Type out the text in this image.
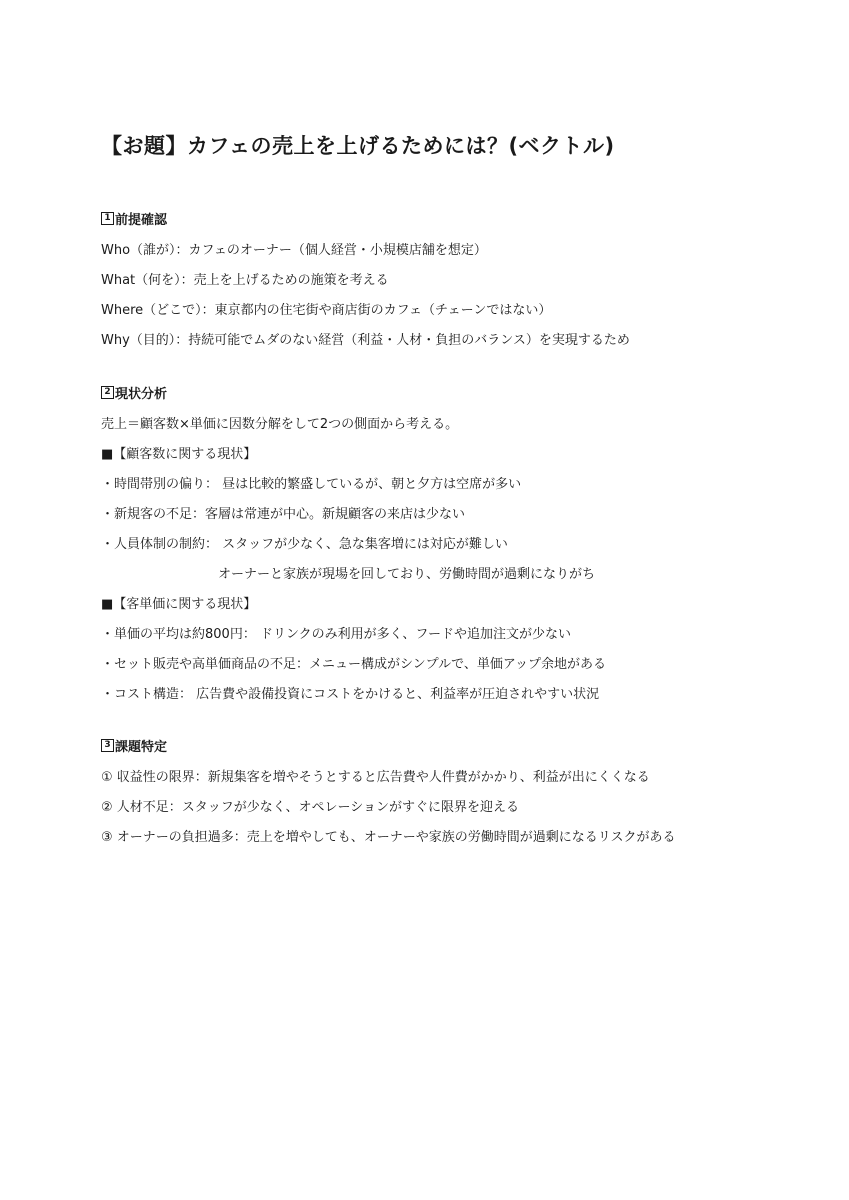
【お題】カフェの売上を上げるためには？(ベクトル)
1 前提確認
Who（誰が）：カフェのオーナー（個人経営・小規模店舗を想定）
What（何を）：売上を上げるための施策を考える
Where（どこで）：東京都内の住宅街や商店街のカフェ（チェーンではない）
Why（目的）：持続可能でムダのない経営（利益・人材・負担のバランス）を実現するため
2 現状分析
売上＝顧客数×単価に因数分解をして2つの側面から考える。
■【顧客数に関する現状】
・時間帯別の偏り： 昼は比較的繁盛しているが、朝と夕方は空席が多い
・新規客の不足：客層は常連が中心。新規顧客の来店は少ない
・人員体制の制約： スタッフが少なく、急な集客増には対応が難しい
オーナーと家族が現場を回しており、労働時間が過剰になりがち
■【客単価に関する現状】
・単価の平均は約800円： ドリンクのみ利用が多く、フードや追加注文が少ない
・セット販売や高単価商品の不足：メニュー構成がシンプルで、単価アップ余地がある
・コスト構造： 広告費や設備投資にコストをかけると、利益率が圧迫されやすい状況
3 課題特定
① 収益性の限界：新規集客を増やそうとすると広告費や人件費がかかり、利益が出にくくなる
② 人材不足：スタッフが少なく、オペレーションがすぐに限界を迎える
③ オーナーの負担過多：売上を増やしても、オーナーや家族の労働時間が過剰になるリスクがある
